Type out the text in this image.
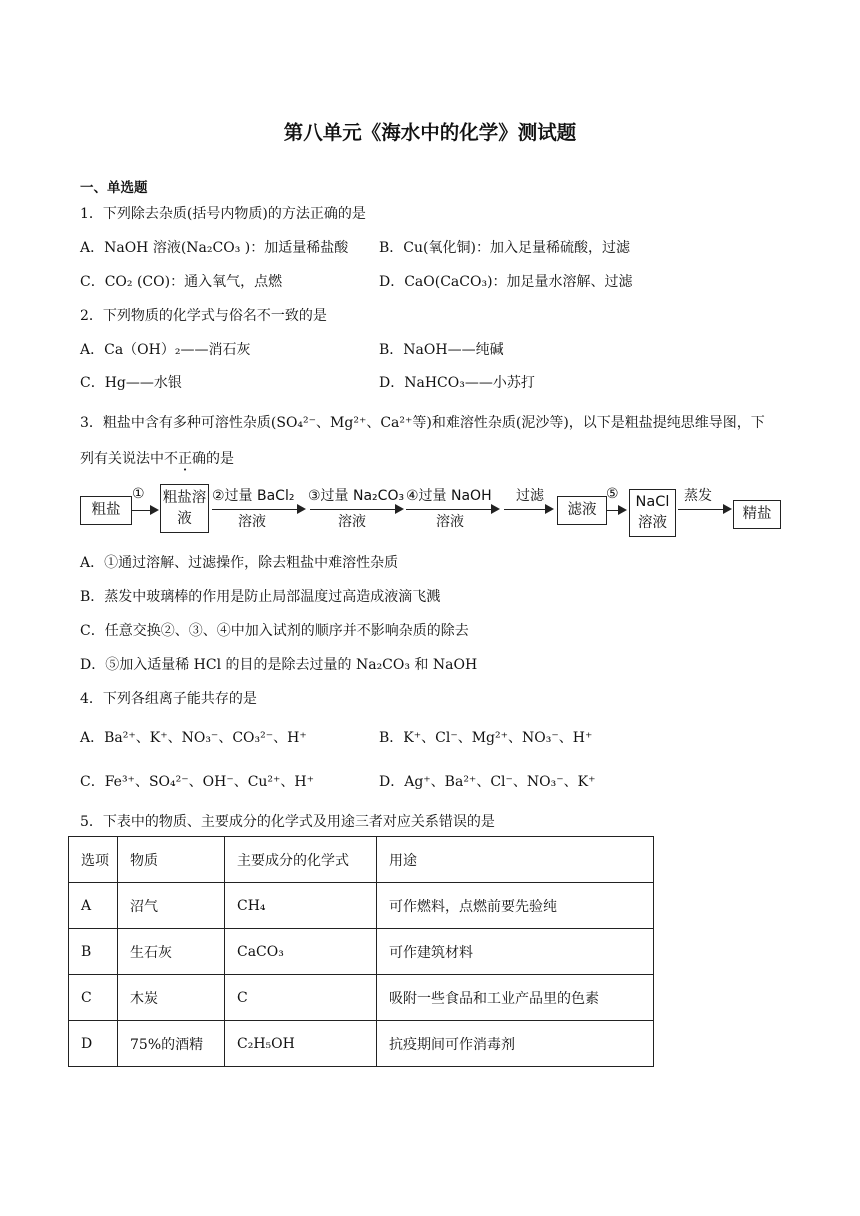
第八单元《海水中的化学》测试题
一、单选题
1．下列除去杂质(括号内物质)的方法正确的是
A．NaOH 溶液(Na₂CO₃ )：加适量稀盐酸 B．Cu(氧化铜)：加入足量稀硫酸，过滤
C．CO₂ (CO)：通入氧气，点燃	D．CaO(CaCO₃)：加足量水溶解、过滤
2．下列物质的化学式与俗名不一致的是
A．Ca（OH）₂——消石灰	B．NaOH——纯碱
C．Hg——水银	D．NaHCO₃——小苏打
3．粗盐中含有多种可溶性杂质(SO₄²⁻、Mg²⁺、Ca²⁺等)和难溶性杂质(泥沙等)，以下是粗盐提纯思维导图，下
列有关说法中不正确的是
粗盐
① 粗盐溶液
②过量 BaCl₂
溶液
③过量 Na₂CO₃
溶液
④过量 NaOH
溶液
过滤
滤液
⑤	NaCl溶液
蒸发
精盐
A．①通过溶解、过滤操作，除去粗盐中难溶性杂质
B．蒸发中玻璃棒的作用是防止局部温度过高造成液滴飞溅
C．任意交换②、③、④中加入试剂的顺序并不影响杂质的除去
D．⑤加入适量稀 HCl 的目的是除去过量的 Na₂CO₃ 和 NaOH
4．下列各组离子能共存的是
A．Ba²⁺、K⁺、NO₃⁻、CO₃²⁻、H⁺	B．K⁺、Cl⁻、Mg²⁺、NO₃⁻、H⁺
C．Fe³⁺、SO₄²⁻、OH⁻、Cu²⁺、H⁺	D．Ag⁺、Ba²⁺、Cl⁻、NO₃⁻、K⁺
5．下表中的物质、主要成分的化学式及用途三者对应关系错误的是
选项	物质	主要成分的化学式	用途
A	沼气	CH₄	可作燃料，点燃前要先验纯
B	生石灰	CaCO₃	可作建筑材料
C	木炭	C	吸附一些食品和工业产品里的色素
D	75%的酒精	C₂H₅OH	抗疫期间可作消毒剂
